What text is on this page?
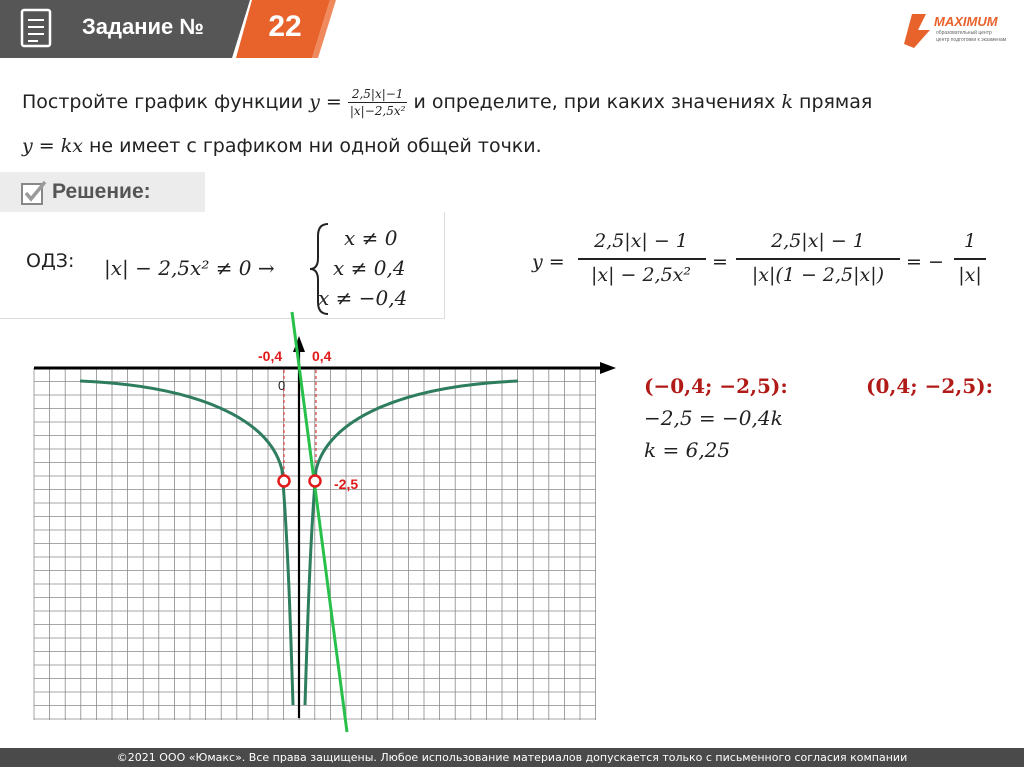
Задание №	22	MAXIMUM
образовательный центр
центр подготовки к экзаменам
Постройте график функции $y = \frac{2,5|x|-1}{\text{|x|−2,5x²}}$ и определите, при каких значениях k прямая
y = kx не имеет с графиком ни одной общей точки.
Решение:
ОДЗ: |x| − 2,5x² ≠ 0 →
x ≠ 0
x ≠ 0,4
x ≠ −0,4
y =
2,5|x| − 1
|x| − 2,5x²
=
2,5|x| − 1
|x|(1 − 2,5|x|)
= −
1
|x|
-0,4 0,4
0
-2,5
(−0,4; −2,5):
−2,5 = −0,4k
k = 6,25
(0,4; −2,5):
©2021 ООО «Юмакс». Все права защищены. Любое использование материалов допускается только с письменного согласия компании
